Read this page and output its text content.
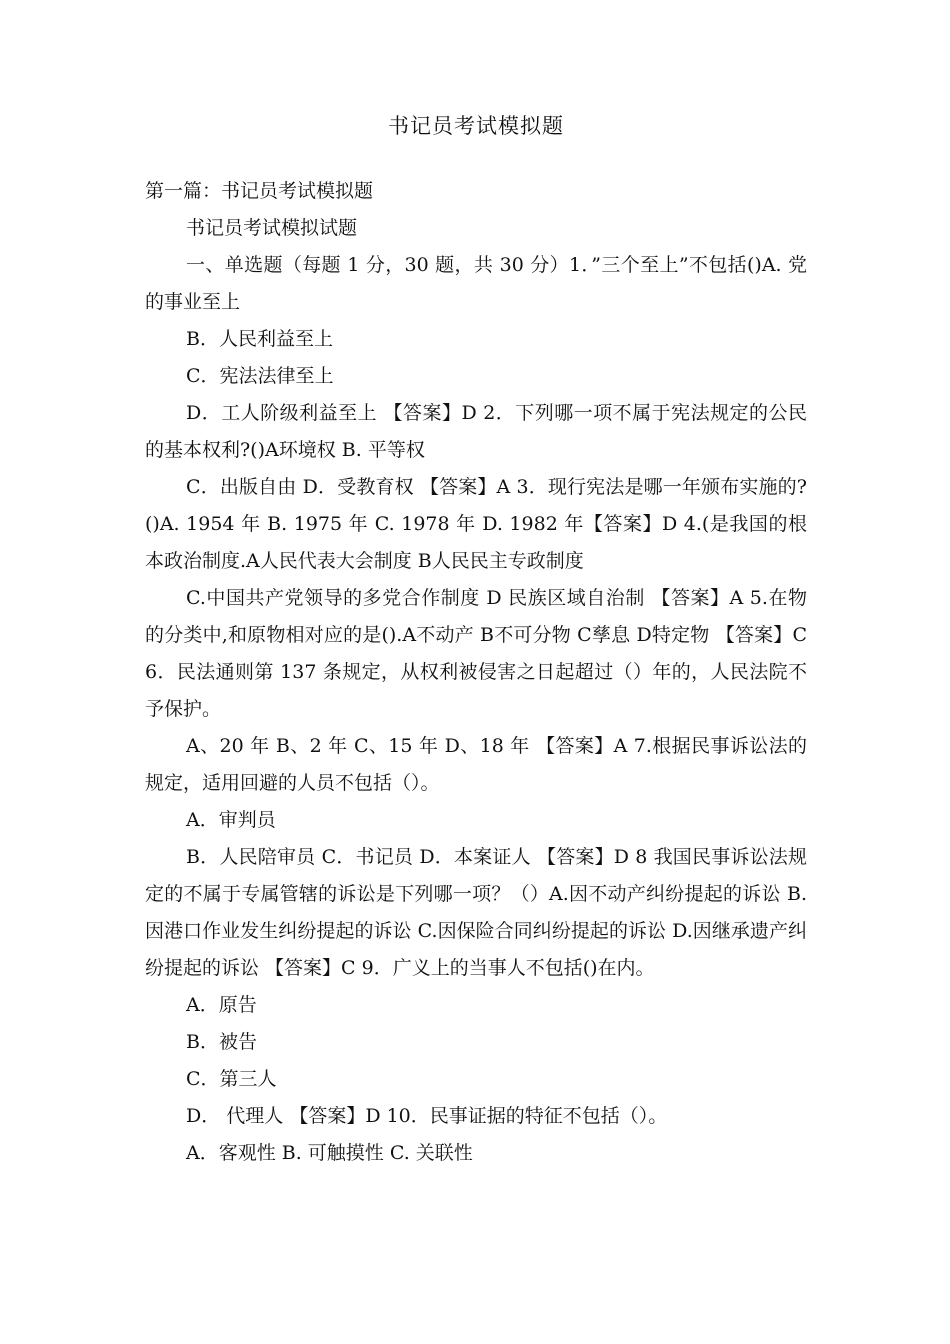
书记员考试模拟题

第一篇：书记员考试模拟题

书记员考试模拟试题

一、单选题（每题 1 分，30 题，共 30 分）1．”三个至上”不包括()A. 党的事业至上

B．人民利益至上

C．宪法法律至上

D．工人阶级利益至上 【答案】D 2．下列哪一项不属于宪法规定的公民的基本权利?()A环境权 B. 平等权

C．出版自由 D．受教育权 【答案】A 3．现行宪法是哪一年颁布实施的?()A. 1954 年 B. 1975 年 C. 1978 年 D. 1982 年【答案】D 4.(是我国的根本政治制度.A人民代表大会制度 B人民民主专政制度

C.中国共产党领导的多党合作制度 D 民族区域自治制 【答案】A 5.在物的分类中,和原物相对应的是().A不动产 B不可分物 C孳息 D特定物 【答案】C 6．民法通则第 137 条规定，从权利被侵害之日起超过（）年的，人民法院不予保护。

A、20 年 B、2 年 C、15 年 D、18 年 【答案】A 7.根据民事诉讼法的规定，适用回避的人员不包括（）。

A．审判员

B．人民陪审员 C．书记员 D．本案证人 【答案】D 8 我国民事诉讼法规定的不属于专属管辖的诉讼是下列哪一项？（）A.因不动产纠纷提起的诉讼 B.因港口作业发生纠纷提起的诉讼 C.因保险合同纠纷提起的诉讼 D.因继承遗产纠纷提起的诉讼 【答案】C 9．广义上的当事人不包括()在内。

A．原告

B．被告

C．第三人

D． 代理人 【答案】D 10．民事证据的特征不包括（）。

A．客观性 B. 可触摸性 C. 关联性
